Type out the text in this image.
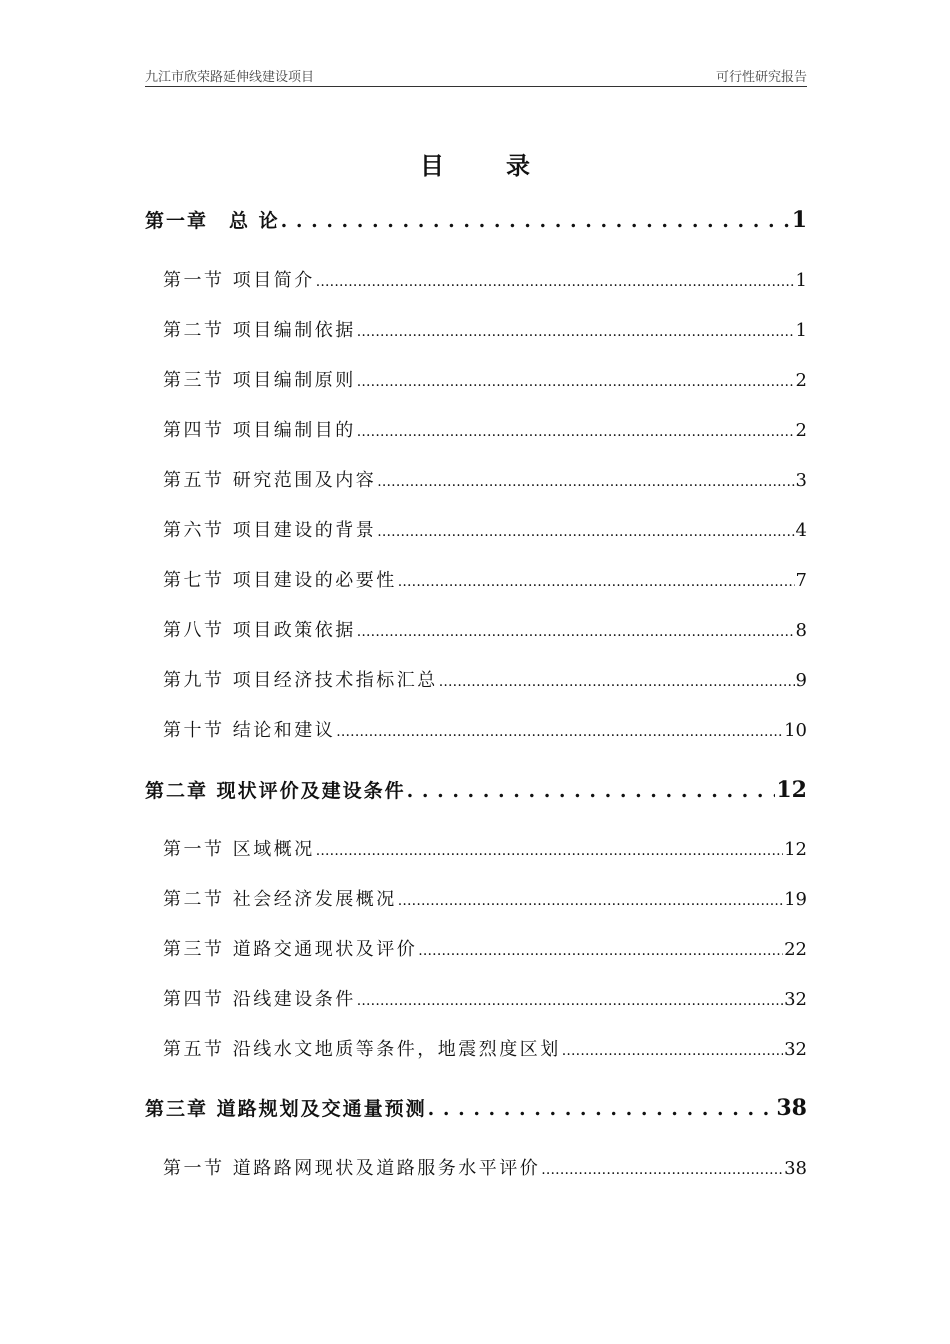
九江市欣荣路延伸线建设项目	可行性研究报告
目录
第一章　总 论 . . .	1
第一节 项目简介 .....	1
第二节 项目编制依据 .....	1
第三节 项目编制原则 .....	2
第四节 项目编制目的 .....	2
第五节 研究范围及内容 .....	3
第六节 项目建设的背景 .....	4
第七节 项目建设的必要性 .....	7
第八节 项目政策依据 .....	8
第九节 项目经济技术指标汇总 .....	9
第十节 结论和建议 .....	10
第二章 现状评价及建设条件 . . .	12
第一节 区域概况 .....	12
第二节 社会经济发展概况 .....	19
第三节 道路交通现状及评价 .....	22
第四节 沿线建设条件 .....	32
第五节 沿线水文地质等条件，地震烈度区划 .....	32
第三章 道路规划及交通量预测 . . .	38
第一节 道路路网现状及道路服务水平评价 .....	38
